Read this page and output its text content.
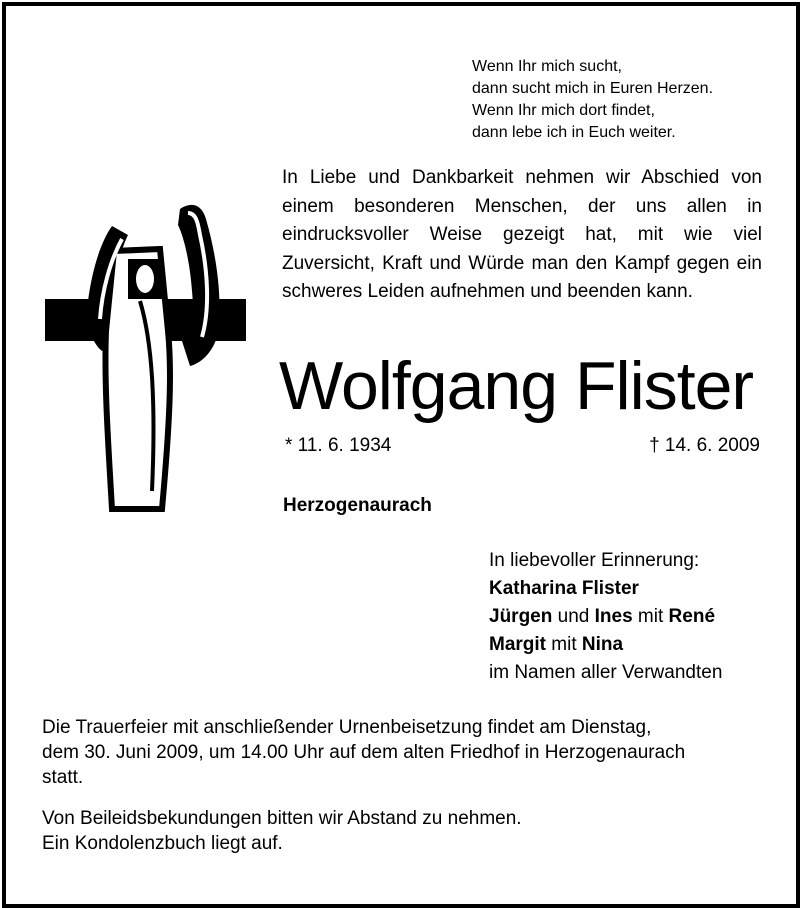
Wenn Ihr mich sucht,
dann sucht mich in Euren Herzen.
Wenn Ihr mich dort findet,
dann lebe ich in Euch weiter.
In Liebe und Dankbarkeit nehmen wir Abschied von einem besonderen Menschen, der uns allen in eindrucksvoller Weise gezeigt hat, mit wie viel Zuversicht, Kraft und Würde man den Kampf gegen ein schweres Leiden aufnehmen und beenden kann.
Wolfgang Flister
* 11. 6. 1934	† 14. 6. 2009
Herzogenaurach
In liebevoller Erinnerung:
Katharina Flister
Jürgen und Ines mit René
Margit mit Nina
im Namen aller Verwandten
Die Trauerfeier mit anschließender Urnenbeisetzung findet am Dienstag,
dem 30. Juni 2009, um 14.00 Uhr auf dem alten Friedhof in Herzogenaurach
statt.
Von Beileidsbekundungen bitten wir Abstand zu nehmen.
Ein Kondolenzbuch liegt auf.
